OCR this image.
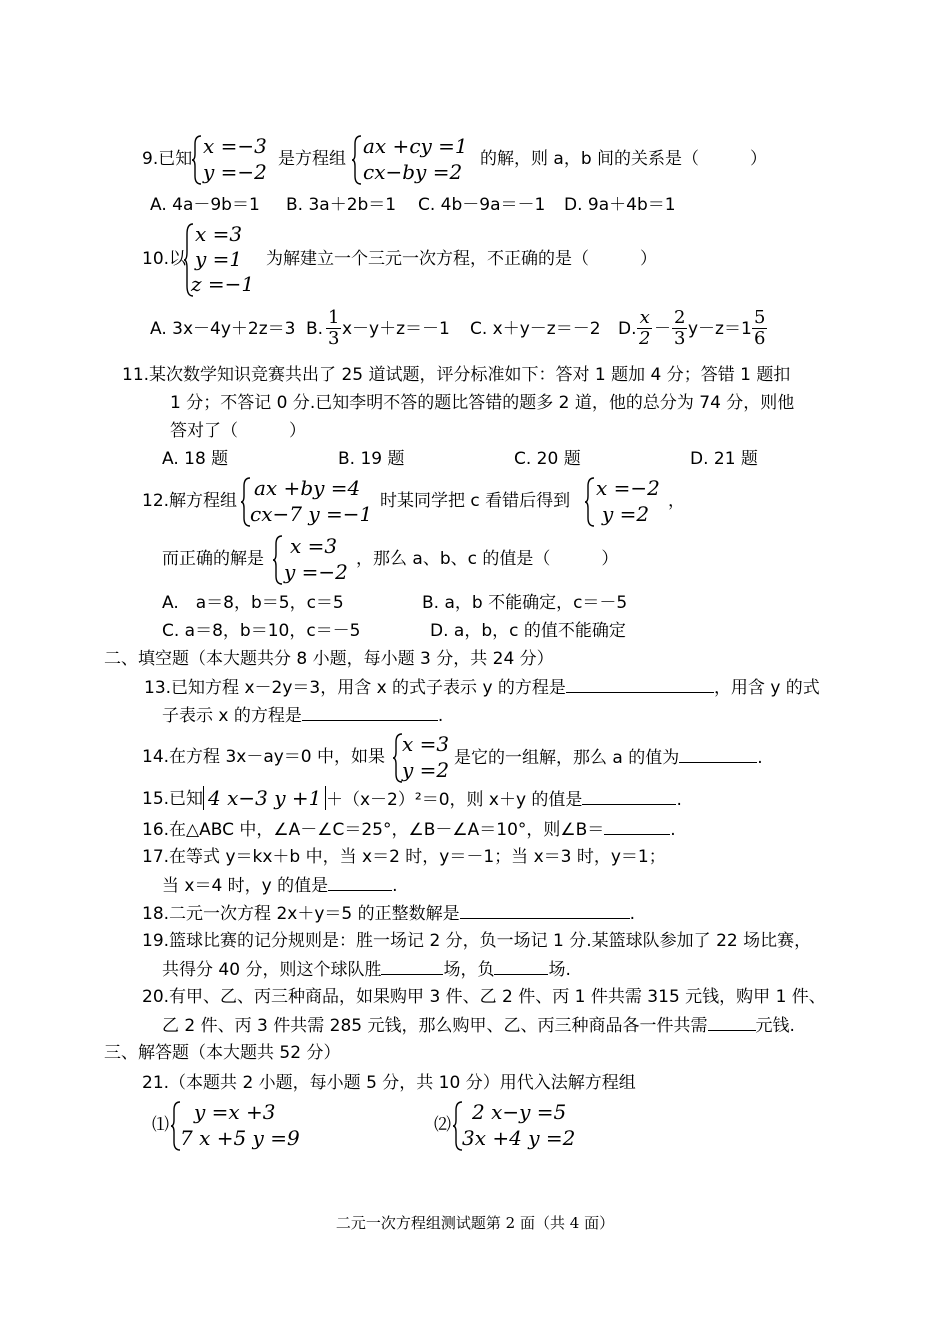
9.已知
x =−3
y =−2
是方程组
ax +cy =1
cx−by =2
的解，则 a，b 间的关系是（　　　）
A. 4a－9b＝1 B. 3a＋2b＝1 C. 4b－9a＝－1 D. 9a＋4b＝1
10.以
x =3
y =1
z =−1
为解建立一个三元一次方程，不正确的是（　　　）
A. 3x－4y＋2z＝3 B. $\frac{1}{3} x-y+z=-1$ C. x＋y－z＝－2 D. $\frac{x}{2} - \frac{2}{3} y-z=1 \frac{5}{6}$
11.某次数学知识竞赛共出了 25 道试题，评分标准如下：答对 1 题加 4 分；答错 1 题扣
1 分；不答记 0 分.已知李明不答的题比答错的题多 2 道，他的总分为 74 分，则他
答对了（　　　）
A. 18 题	B. 19 题	C. 20 题	D. 21 题
12.解方程组
ax +by =4
cx−7 y =−1
时某同学把 c 看错后得到
x =−2
y =2
，
而正确的解是
x =3
y =−2
，那么 a、b、c 的值是（　　　）
A.　a＝8，b＝5，c＝5	B. a，b 不能确定，c＝－5
C. a＝8，b＝10，c＝－5	D. a，b，c 的值不能确定
二、填空题（本大题共分 8 小题，每小题 3 分，共 24 分）
13.已知方程 x－2y＝3，用含 x 的式子表示 y 的方程是	，用含 y 的式
子表示 x 的方程是	.
14.在方程 3x－ay＝0 中，如果
x =3
y =2 是它的一组解，那么 a 的值为	.
15.已知 4 x−3 y +1 ＋（x－2）²＝0，则 x＋y 的值是	.
16.在△ABC 中，∠A－∠C＝25°，∠B－∠A＝10°，则∠B＝	.
17.在等式 y＝kx＋b 中，当 x＝2 时，y＝－1；当 x＝3 时，y＝1；
当 x＝4 时，y 的值是	.
18.二元一次方程 2x＋y＝5 的正整数解是	.
19.篮球比赛的记分规则是：胜一场记 2 分，负一场记 1 分.某篮球队参加了 22 场比赛，
共得分 40 分，则这个球队胜	场，负	场.
20.有甲、乙、丙三种商品，如果购甲 3 件、乙 2 件、丙 1 件共需 315 元钱，购甲 1 件、
乙 2 件、丙 3 件共需 285 元钱，那么购甲、乙、丙三种商品各一件共需	元钱.
三、解答题（本大题共 52 分）
21.（本题共 2 小题，每小题 5 分，共 10 分）用代入法解方程组
⑴
y =x +3
7 x +5 y =9
⑵
2 x−y =5
3x +4 y =2
二元一次方程组测试题第 2 面（共 4 面）
